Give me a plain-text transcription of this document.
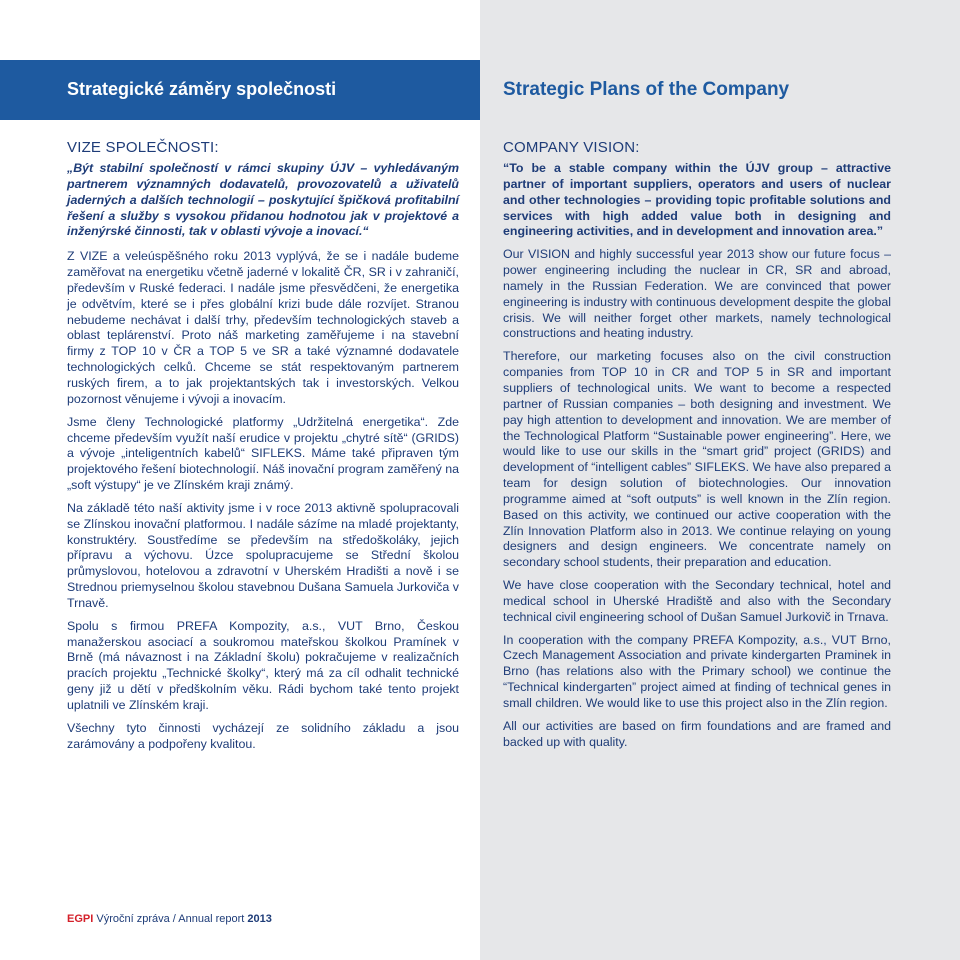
Strategické záměry společnosti	Strategic Plans of the Company
VIZE SPOLEČNOSTI:

„Být stabilní společností v rámci skupiny ÚJV – vyhledávaným partnerem významných dodavatelů, provozovatelů a uživatelů jaderných a dalších technologií – poskytující špičková profitabilní řešení a služby s vysokou přidanou hodnotou jak v projektové a inženýrské činnosti, tak v oblasti vývoje a inovací.“

Z VIZE a veleúspěšného roku 2013 vyplývá, že se i nadále budeme zaměřovat na energetiku včetně jaderné v lokalitě ČR, SR i v zahraničí, především v Ruské federaci. I nadále jsme přesvědčeni, že energetika je odvětvím, které se i přes globální krizi bude dále rozvíjet. Stranou nebudeme nechávat i další trhy, především technologických staveb a oblast teplárenství. Proto náš marketing zaměřujeme i na stavební firmy z TOP 10 v ČR a TOP 5 ve SR a také významné dodavatele technologických celků. Chceme se stát respektovaným partnerem ruských firem, a to jak projektantských tak i investorských. Velkou pozornost věnujeme i vývoji a inovacím.

Jsme členy Technologické platformy „Udržitelná energetika“. Zde chceme především využít naší erudice v projektu „chytré sítě“ (GRIDS) a vývoje „inteligentních kabelů“ SIFLEKS. Máme také připraven tým projektového řešení biotechnologií. Náš inovační program zaměřený na „soft výstupy“ je ve Zlínském kraji známý.

Na základě této naší aktivity jsme i v roce 2013 aktivně spolupracovali se Zlínskou inovační platformou. I nadále sázíme na mladé projektanty, konstruktéry. Soustředíme se především na středoškoláky, jejich přípravu a výchovu. Úzce spolupracujeme se Střední školou průmyslovou, hotelovou a zdravotní v Uherském Hradišti a nově i se Strednou priemyselnou školou stavebnou Dušana Samuela Jurkoviča v Trnavě.

Spolu s firmou PREFA Kompozity, a.s., VUT Brno, Českou manažerskou asociací a soukromou mateřskou školkou Pramínek v Brně (má návaznost i na Základní školu) pokračujeme v realizačních pracích projektu „Technické školky“, který má za cíl odhalit technické geny již u dětí v předškolním věku. Rádi bychom také tento projekt uplatnili ve Zlínském kraji.

Všechny tyto činnosti vycházejí ze solidního základu a jsou zarámovány a podpořeny kvalitou.

COMPANY VISION:

“To be a stable company within the ÚJV group – attractive partner of important suppliers, operators and users of nuclear and other technologies – providing topic profitable solutions and services with high added value both in designing and engineering activities, and in development and innovation area.”

Our VISION and highly successful year 2013 show our future focus – power engineering including the nuclear in CR, SR and abroad, namely in the Russian Federation. We are convinced that power engineering is industry with continuous development despite the global crisis. We will neither forget other markets, namely technological constructions and heating industry.

Therefore, our marketing focuses also on the civil construction companies from TOP 10 in CR and TOP 5 in SR and important suppliers of technological units. We want to become a respected partner of Russian companies – both designing and investment. We pay high attention to development and innovation. We are member of the Technological Platform “Sustainable power engineering”. Here, we would like to use our skills in the “smart grid” project (GRIDS) and development of “intelligent cables” SIFLEKS. We have also prepared a team for design solution of biotechnologies. Our innovation programme aimed at “soft outputs” is well known in the Zlín region. Based on this activity, we continued our active cooperation with the Zlín Innovation Platform also in 2013. We continue relaying on young designers and design engineers. We concentrate namely on secondary school students, their preparation and education.

We have close cooperation with the Secondary technical, hotel and medical school in Uherské Hradiště and also with the Secondary technical civil engineering school of Dušan Samuel Jurkovič in Trnava.

In cooperation with the company PREFA Kompozity, a.s., VUT Brno, Czech Management Association and private kindergarten Praminek in Brno (has relations also with the Primary school) we continue the “Technical kindergarten” project aimed at finding of technical genes in small children. We would like to use this project also in the Zlín region.

All our activities are based on firm foundations and are framed and backed up with quality.

EGPI Výroční zpráva / Annual report 2013
